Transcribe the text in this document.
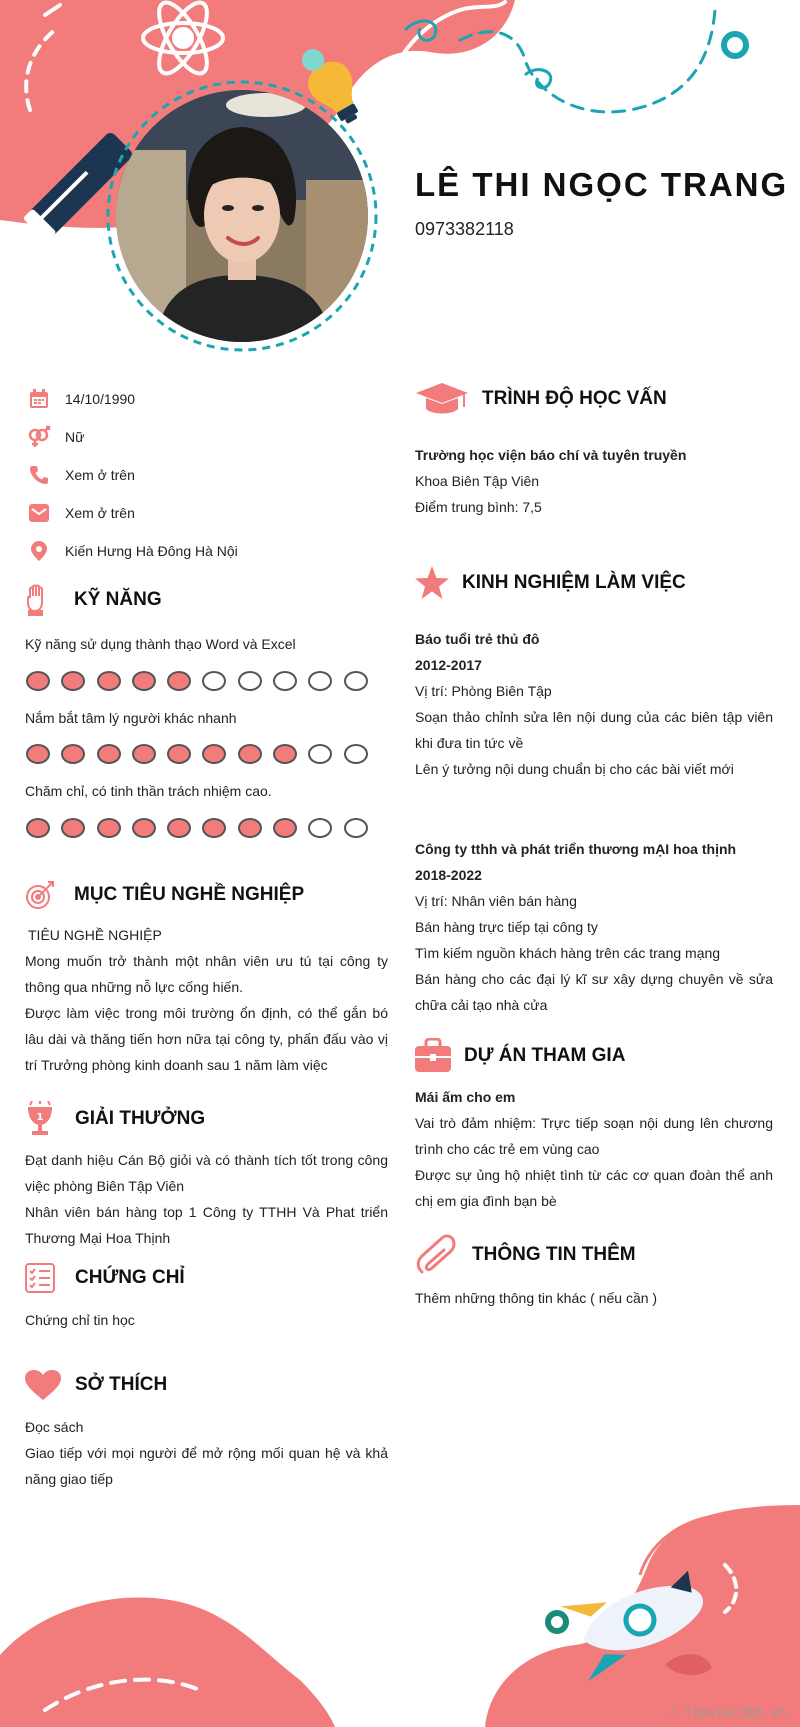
LÊ THI NGỌC TRANG
0973382118
14/10/1990
Nữ
Xem ở trên
Xem ở trên
Kiến Hưng Hà Đông Hà Nội
KỸ NĂNG
Kỹ năng sử dụng thành thạo Word và Excel
Nắm bắt tâm lý người khác nhanh
Chăm chỉ, có tinh thần trách nhiệm cao.
MỤC TIÊU NGHỀ NGHIỆP
TIÊU NGHỀ NGHIỆP
Mong muốn trở thành một nhân viên ưu tú tại công ty thông qua những nỗ lực cống hiến.
Được làm việc trong môi trường ổn định, có thể gắn bó lâu dài và thăng tiến hơn nữa tại công ty, phấn đấu vào vị trí Trưởng phòng kinh doanh sau 1 năm làm việc
1 GIẢI THƯỞNG
Đạt danh hiệu Cán Bộ giỏi và có thành tích tốt trong công việc phòng Biên Tập Viên
Nhân viên bán hàng top 1 Công ty TTHH Và Phat triển Thương Mại Hoa Thịnh
CHỨNG CHỈ
Chứng chỉ tin học
SỞ THÍCH
Đọc sách
Giao tiếp với mọi người để mở rộng mối quan hệ và khả năng giao tiếp
TRÌNH ĐỘ HỌC VẤN
Trường học viện báo chí và tuyên truyền
Khoa Biên Tập Viên
Điểm trung bình: 7,5
KINH NGHIỆM LÀM VIỆC
Báo tuổi trẻ thủ đô
2012-2017
Vị trí: Phòng Biên Tập
Soạn thảo chỉnh sửa lên nội dung của các biên tập viên khi đưa tin tức về
Lên ý tưởng nội dung chuẩn bị cho các bài viết mới
Công ty tthh và phát triển thương mẠI hoa thịnh
2018-2022
Vị trí: Nhân viên bán hàng
Bán hàng trực tiếp tại công ty
Tìm kiếm nguồn khách hàng trên các trang mạng
Bán hàng cho các đại lý kĩ sư xây dựng chuyên về sửa chữa cải tạo nhà cửa
DỰ ÁN THAM GIA
Mái ấm cho em
Vai trò đảm nhiệm: Trực tiếp soạn nội dung lên chương trình cho các trẻ em vùng cao
Được sự ủng hộ nhiệt tình từ các cơ quan đoàn thể anh chị em gia đình bạn bè
THÔNG TIN THÊM
Thêm những thông tin khác ( nếu cần )
∴ Timviec365.vn
